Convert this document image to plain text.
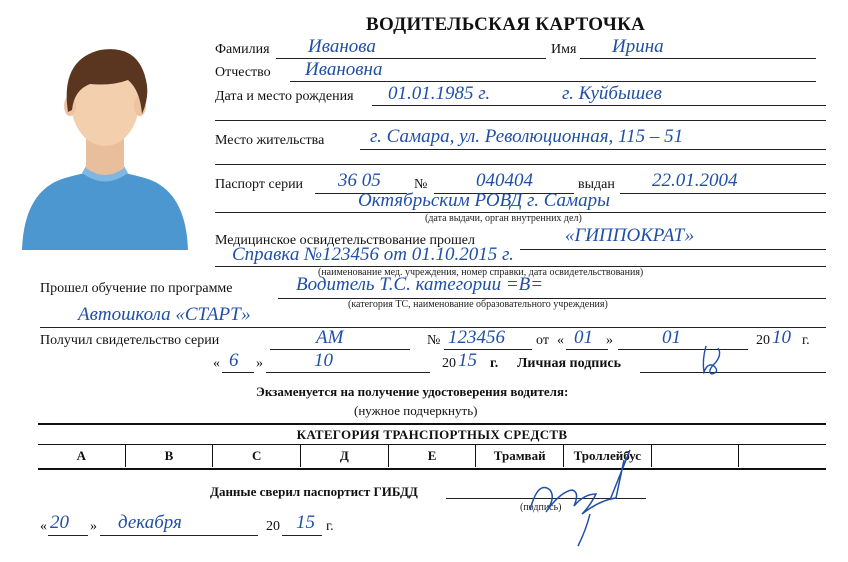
ВОДИТЕЛЬСКАЯ КАРТОЧКА
Фамилия Иванова	Имя Ирина
Отчество Ивановна
Дата и место рождения 01.01.1985 г.	г. Куйбышев
Место жительства г. Самара, ул. Революционная, 115 – 51
Паспорт серии 36 05 №	040404	выдан 22.01.2004
Октябрьским РОВД г. Самары
(дата выдачи, орган внутренних дел)
Медицинское освидетельствование прошел	«ГИППОКРАТ»
Справка №123456 от 01.10.2015 г.
(наименование мед. учреждения, номер справки, дата освидетельствования)
Прошел обучение по программе	Водитель Т.С. категории =В=
(категория ТС, наименование образовательного учреждения)
Автошкола «СТАРТ»
Получил свидетельство серии	АМ	№ 123456 от « 01 »	01	20 10 г.
« 6 »	10	20 15 г. Личная подпись
Экзаменуется на получение удостоверения водителя:
(нужное подчеркнуть)
КАТЕГОРИЯ ТРАНСПОРТНЫХ СРЕДСТВ
А	В	С	Д	Е	Трамвай	Троллейбус
Данные сверил паспортист ГИБДД
(подпись)
« 20 » декабря	20 15 г.
